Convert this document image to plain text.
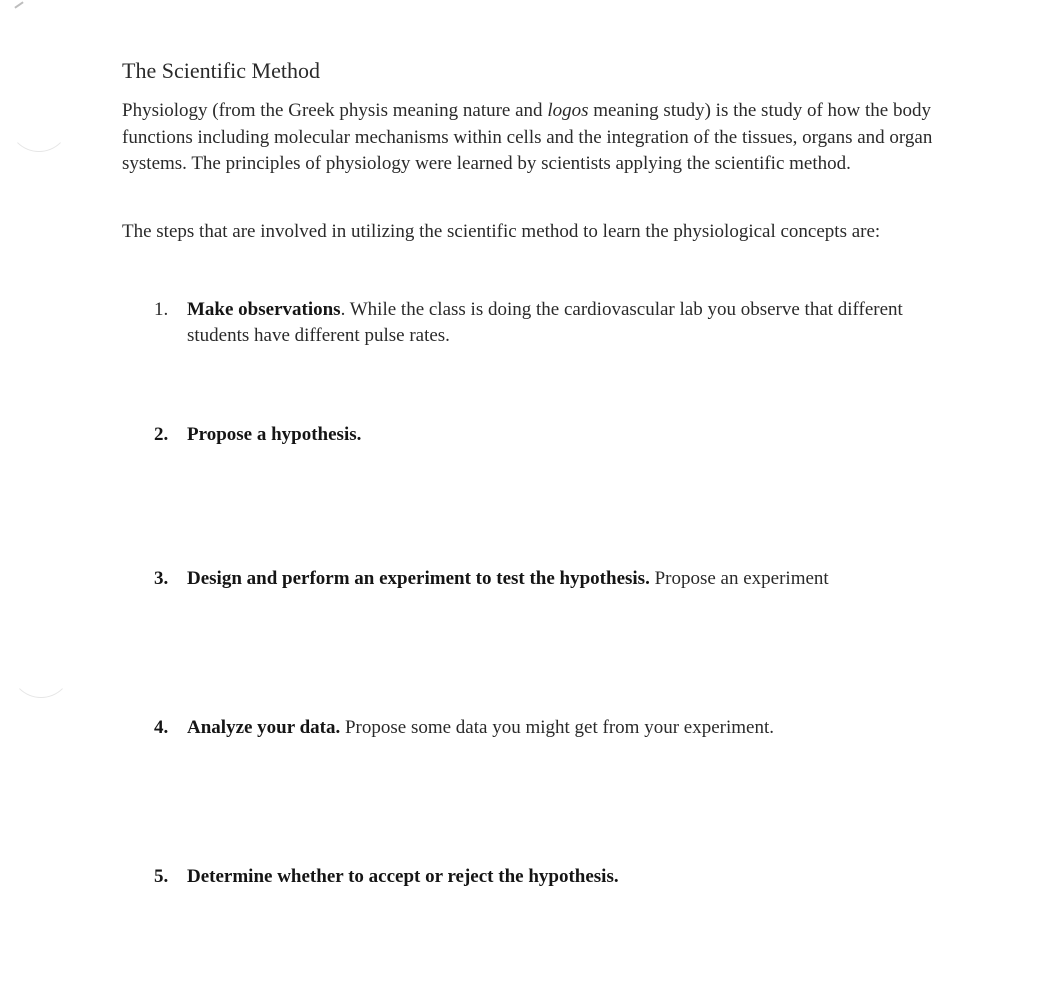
The Scientific Method

Physiology (from the Greek physis meaning nature and logos meaning study) is the study of how the body functions including molecular mechanisms within cells and the integration of the tissues, organs and organ systems. The principles of physiology were learned by scientists applying the scientific method.

The steps that are involved in utilizing the scientific method to learn the physiological concepts are:

1. Make observations. While the class is doing the cardiovascular lab you observe that different students have different pulse rates.
2. Propose a hypothesis.
3. Design and perform an experiment to test the hypothesis. Propose an experiment
4. Analyze your data. Propose some data you might get from your experiment.
5. Determine whether to accept or reject the hypothesis.
